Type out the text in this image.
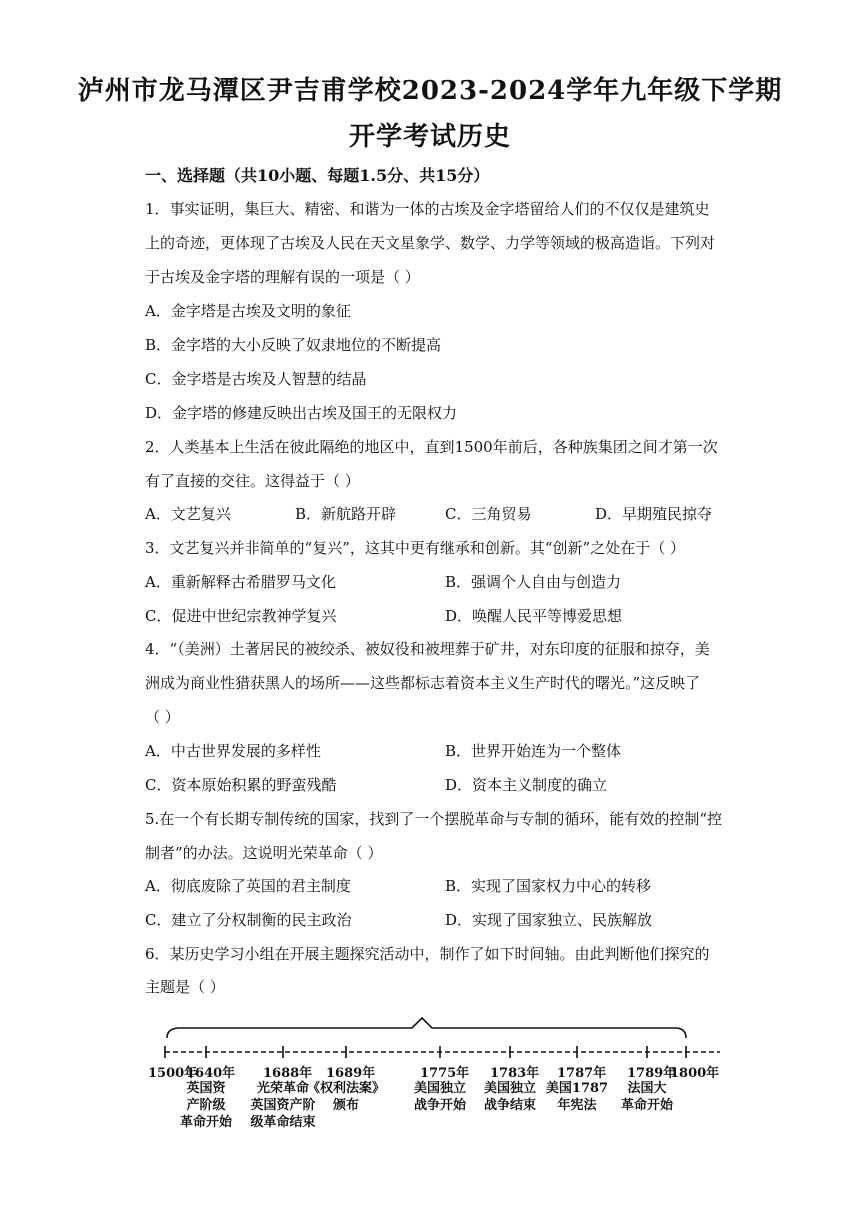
泸州市龙马潭区尹吉甫学校2023-2024学年九年级下学期
开学考试历史
一、选择题（共10小题、每题1.5分、共15分）
1．事实证明，集巨大、精密、和谐为一体的古埃及金字塔留给人们的不仅仅是建筑史
上的奇迹，更体现了古埃及人民在天文星象学、数学、力学等领域的极高造诣。下列对
于古埃及金字塔的理解有误的一项是（ ）
A．金字塔是古埃及文明的象征
B．金字塔的大小反映了奴隶地位的不断提高
C．金字塔是古埃及人智慧的结晶
D．金字塔的修建反映出古埃及国王的无限权力
2．人类基本上生活在彼此隔绝的地区中，直到1500年前后，各种族集团之间才第一次
有了直接的交往。这得益于（ ）
A．文艺复兴	B．新航路开辟	C．三角贸易	D．早期殖民掠夺
3．文艺复兴并非简单的“复兴”，这其中更有继承和创新。其“创新”之处在于（ ）
A．重新解释古希腊罗马文化	B．强调个人自由与创造力
C．促进中世纪宗教神学复兴	D．唤醒人民平等博爱思想
4．“（美洲）土著居民的被绞杀、被奴役和被埋葬于矿井，对东印度的征服和掠夺，美
洲成为商业性猎获黑人的场所——这些都标志着资本主义生产时代的曙光。”这反映了
（ ）
A．中古世界发展的多样性	B．世界开始连为一个整体
C．资本原始积累的野蛮残酷	D．资本主义制度的确立
5.在一个有长期专制传统的国家，找到了一个摆脱革命与专制的循环，能有效的控制“控
制者”的办法。这说明光荣革命（ ）
A．彻底废除了英国的君主制度	B．实现了国家权力中心的转移
C．建立了分权制衡的民主政治	D．实现了国家独立、民族解放
6．某历史学习小组在开展主题探究活动中，制作了如下时间轴。由此判断他们探究的
主题是（ ）
1500年	1800年
1640年
英国资
产阶级
革命开始
1688年
光荣革命
英国资产阶
级革命结束
1689年
《权利法案》
颁布
1775年
美国独立
战争开始
1783年
美国独立
战争结束
1787年
美国1787
年宪法
1789年
法国大
革命开始
